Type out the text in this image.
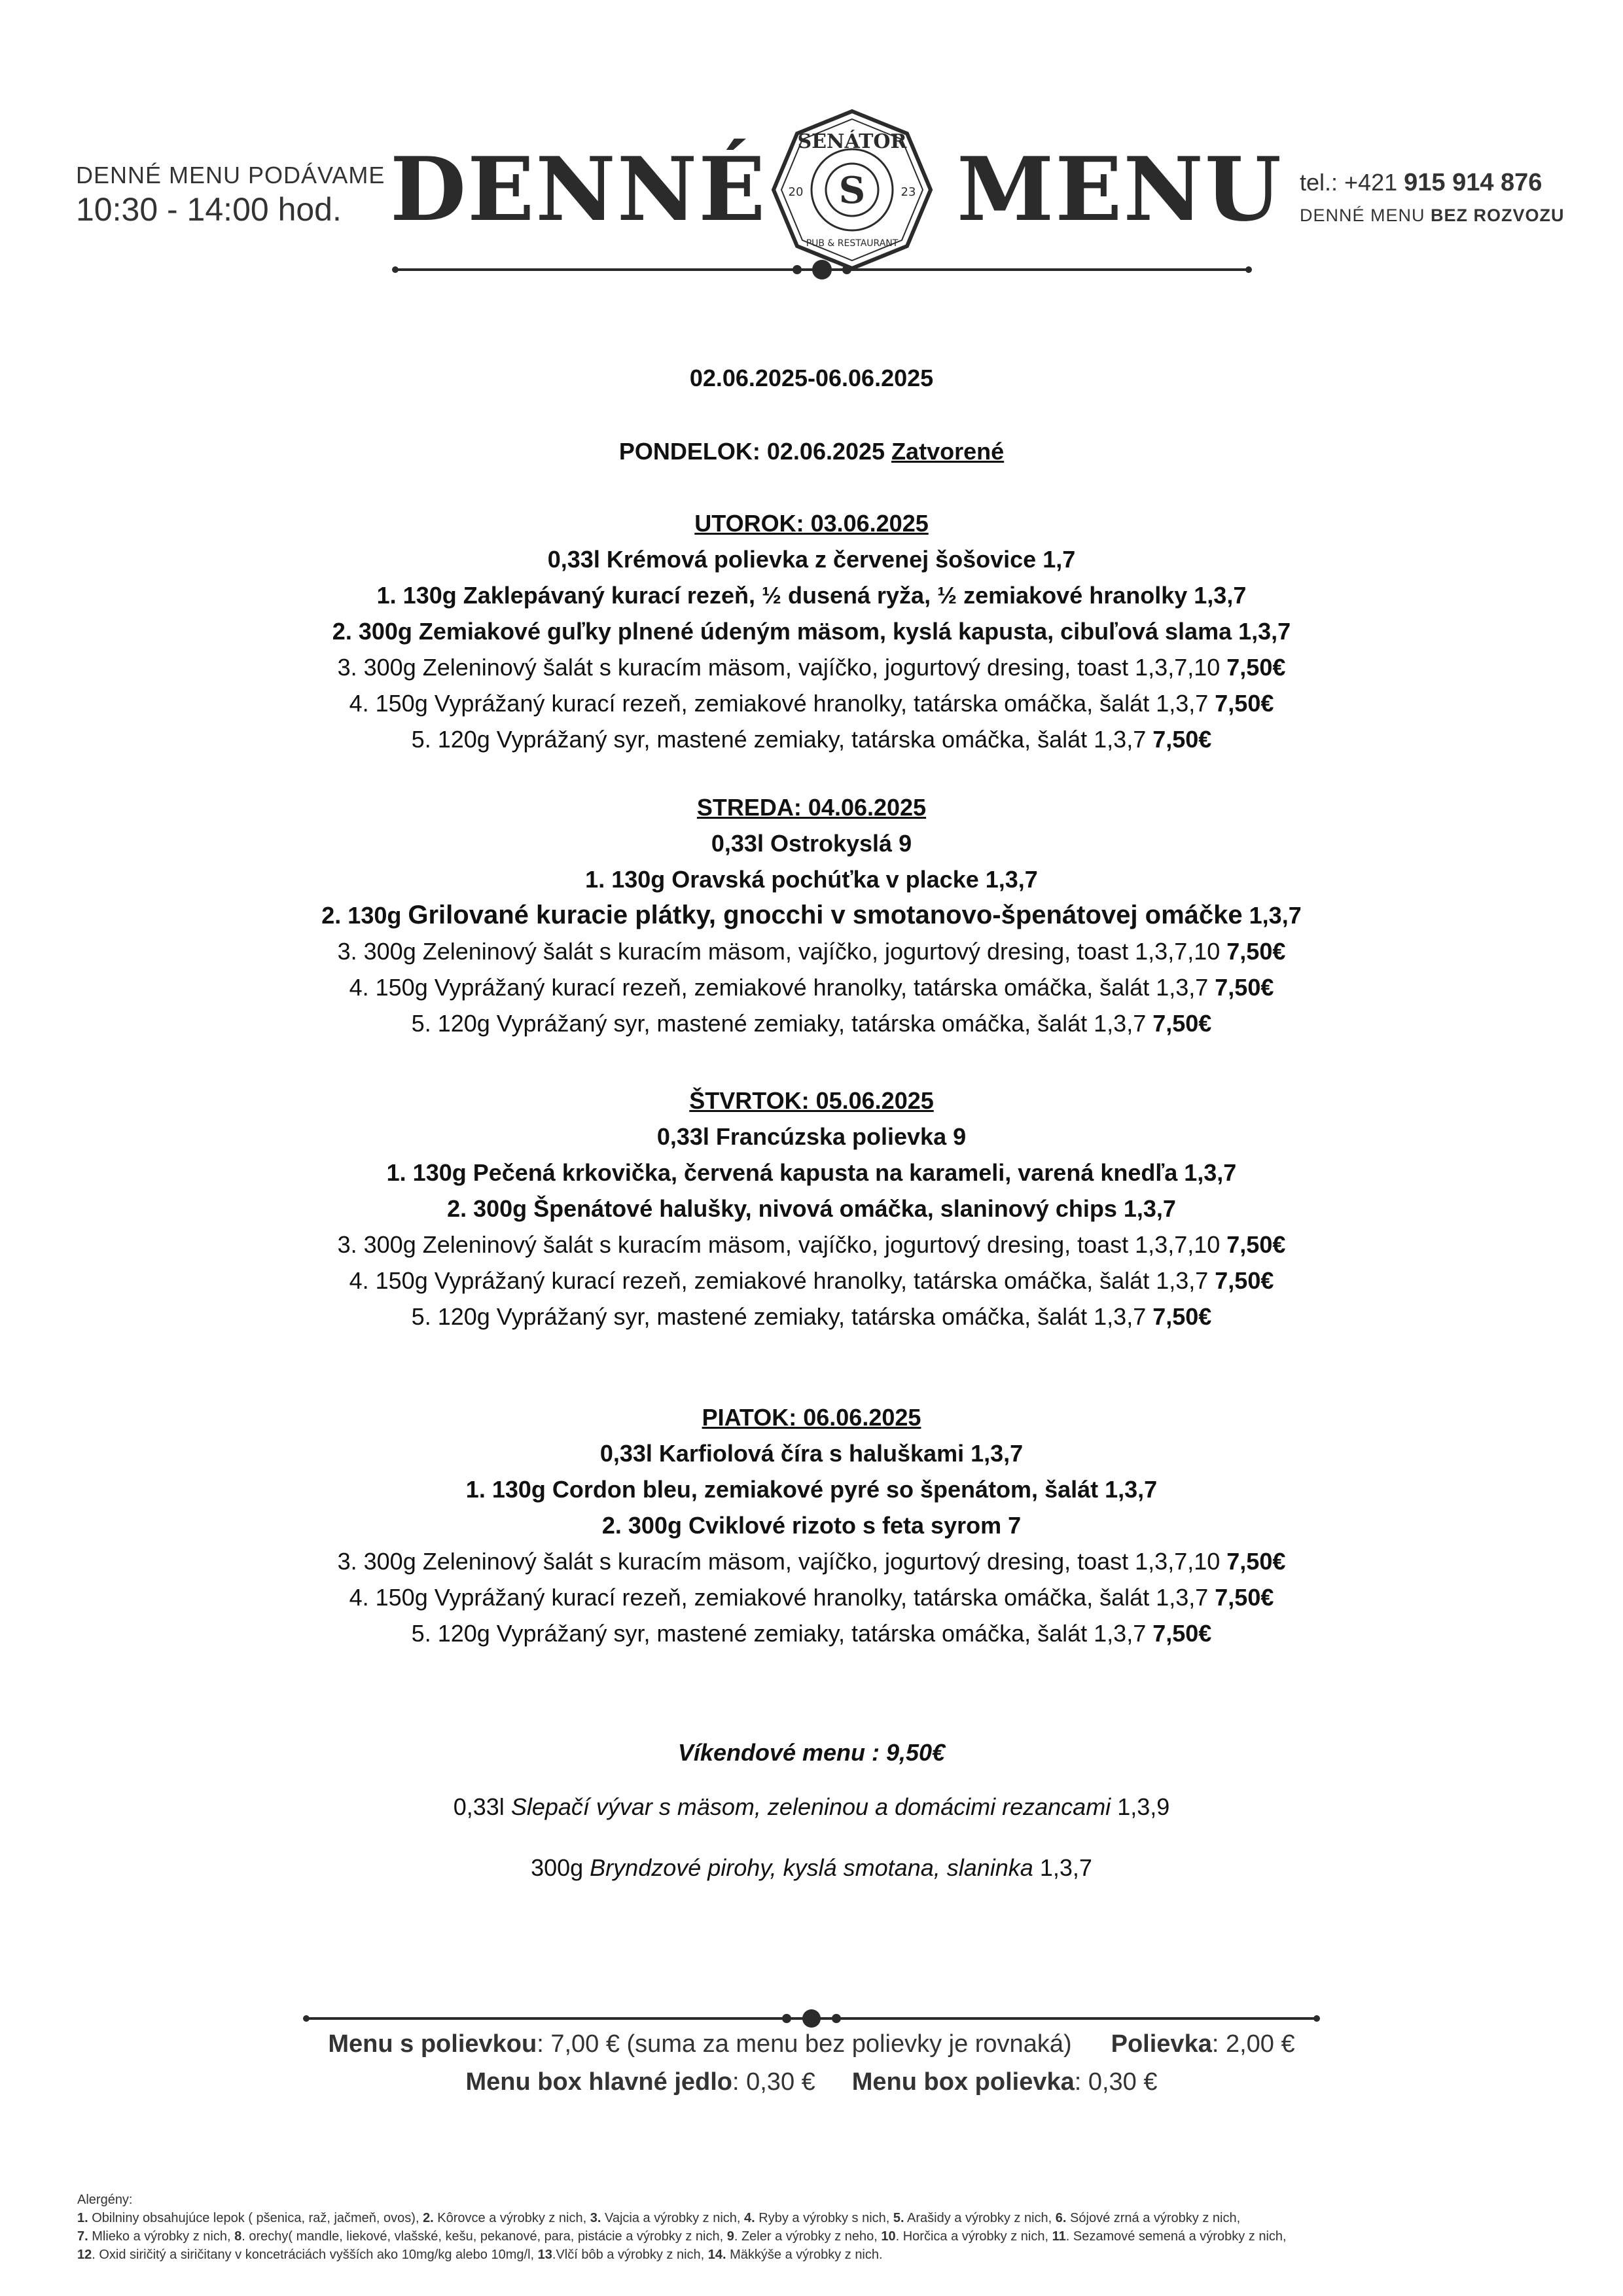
DENNÉ MENU PODÁVAME
10:30 - 14:00 hod. DENNÉ SENÁTOR
20	23
S
PUB & RESTAURANT
MENU tel.: +421 915 914 876
DENNÉ MENU BEZ ROZVOZU
02.06.2025-06.06.2025
PONDELOK: 02.06.2025 Zatvorené
UTOROK: 03.06.2025
0,33l Krémová polievka z červenej šošovice 1,7
1. 130g Zaklepávaný kurací rezeň, ½ dusená ryža, ½ zemiakové hranolky 1,3,7
2. 300g Zemiakové guľky plnené údeným mäsom, kyslá kapusta, cibuľová slama 1,3,7
3. 300g Zeleninový šalát s kuracím mäsom, vajíčko, jogurtový dresing, toast 1,3,7,10 7,50€
4. 150g Vyprážaný kurací rezeň, zemiakové hranolky, tatárska omáčka, šalát 1,3,7 7,50€
5. 120g Vyprážaný syr, mastené zemiaky, tatárska omáčka, šalát 1,3,7 7,50€
STREDA: 04.06.2025
0,33l Ostrokyslá 9
1. 130g Oravská pochúťka v placke 1,3,7
2. 130g Grilované kuracie plátky, gnocchi v smotanovo-špenátovej omáčke 1,3,7
3. 300g Zeleninový šalát s kuracím mäsom, vajíčko, jogurtový dresing, toast 1,3,7,10 7,50€
4. 150g Vyprážaný kurací rezeň, zemiakové hranolky, tatárska omáčka, šalát 1,3,7 7,50€
5. 120g Vyprážaný syr, mastené zemiaky, tatárska omáčka, šalát 1,3,7 7,50€
ŠTVRTOK: 05.06.2025
0,33l Francúzska polievka 9
1. 130g Pečená krkovička, červená kapusta na karameli, varená knedľa 1,3,7
2. 300g Špenátové halušky, nivová omáčka, slaninový chips 1,3,7
3. 300g Zeleninový šalát s kuracím mäsom, vajíčko, jogurtový dresing, toast 1,3,7,10 7,50€
4. 150g Vyprážaný kurací rezeň, zemiakové hranolky, tatárska omáčka, šalát 1,3,7 7,50€
5. 120g Vyprážaný syr, mastené zemiaky, tatárska omáčka, šalát 1,3,7 7,50€
PIATOK: 06.06.2025
0,33l Karfiolová číra s haluškami 1,3,7
1. 130g Cordon bleu, zemiakové pyré so špenátom, šalát 1,3,7
2. 300g Cviklové rizoto s feta syrom 7
3. 300g Zeleninový šalát s kuracím mäsom, vajíčko, jogurtový dresing, toast 1,3,7,10 7,50€
4. 150g Vyprážaný kurací rezeň, zemiakové hranolky, tatárska omáčka, šalát 1,3,7 7,50€
5. 120g Vyprážaný syr, mastené zemiaky, tatárska omáčka, šalát 1,3,7 7,50€
Víkendové menu : 9,50€
0,33l Slepačí vývar s mäsom, zeleninou a domácimi rezancami 1,3,9
300g Bryndzové pirohy, kyslá smotana, slaninka 1,3,7
Menu s polievkou: 7,00 € (suma za menu bez polievky je rovnaká) Polievka: 2,00 €
Menu box hlavné jedlo: 0,30 € Menu box polievka: 0,30 €
Alergény:
1. Obilniny obsahujúce lepok ( pšenica, raž, jačmeň, ovos), 2. Kôrovce a výrobky z nich, 3. Vajcia a výrobky z nich, 4. Ryby a výrobky s nich, 5. Arašidy a výrobky z nich, 6. Sójové zrná a výrobky z nich,
7. Mlieko a výrobky z nich, 8. orechy( mandle, liekové, vlašské, kešu, pekanové, para, pistácie a výrobky z nich, 9. Zeler a výrobky z neho, 10. Horčica a výrobky z nich, 11. Sezamové semená a výrobky z nich,
12. Oxid siričitý a siričitany v koncetráciách vyšších ako 10mg/kg alebo 10mg/l, 13.Vlčí bôb a výrobky z nich, 14. Mäkkýše a výrobky z nich.
